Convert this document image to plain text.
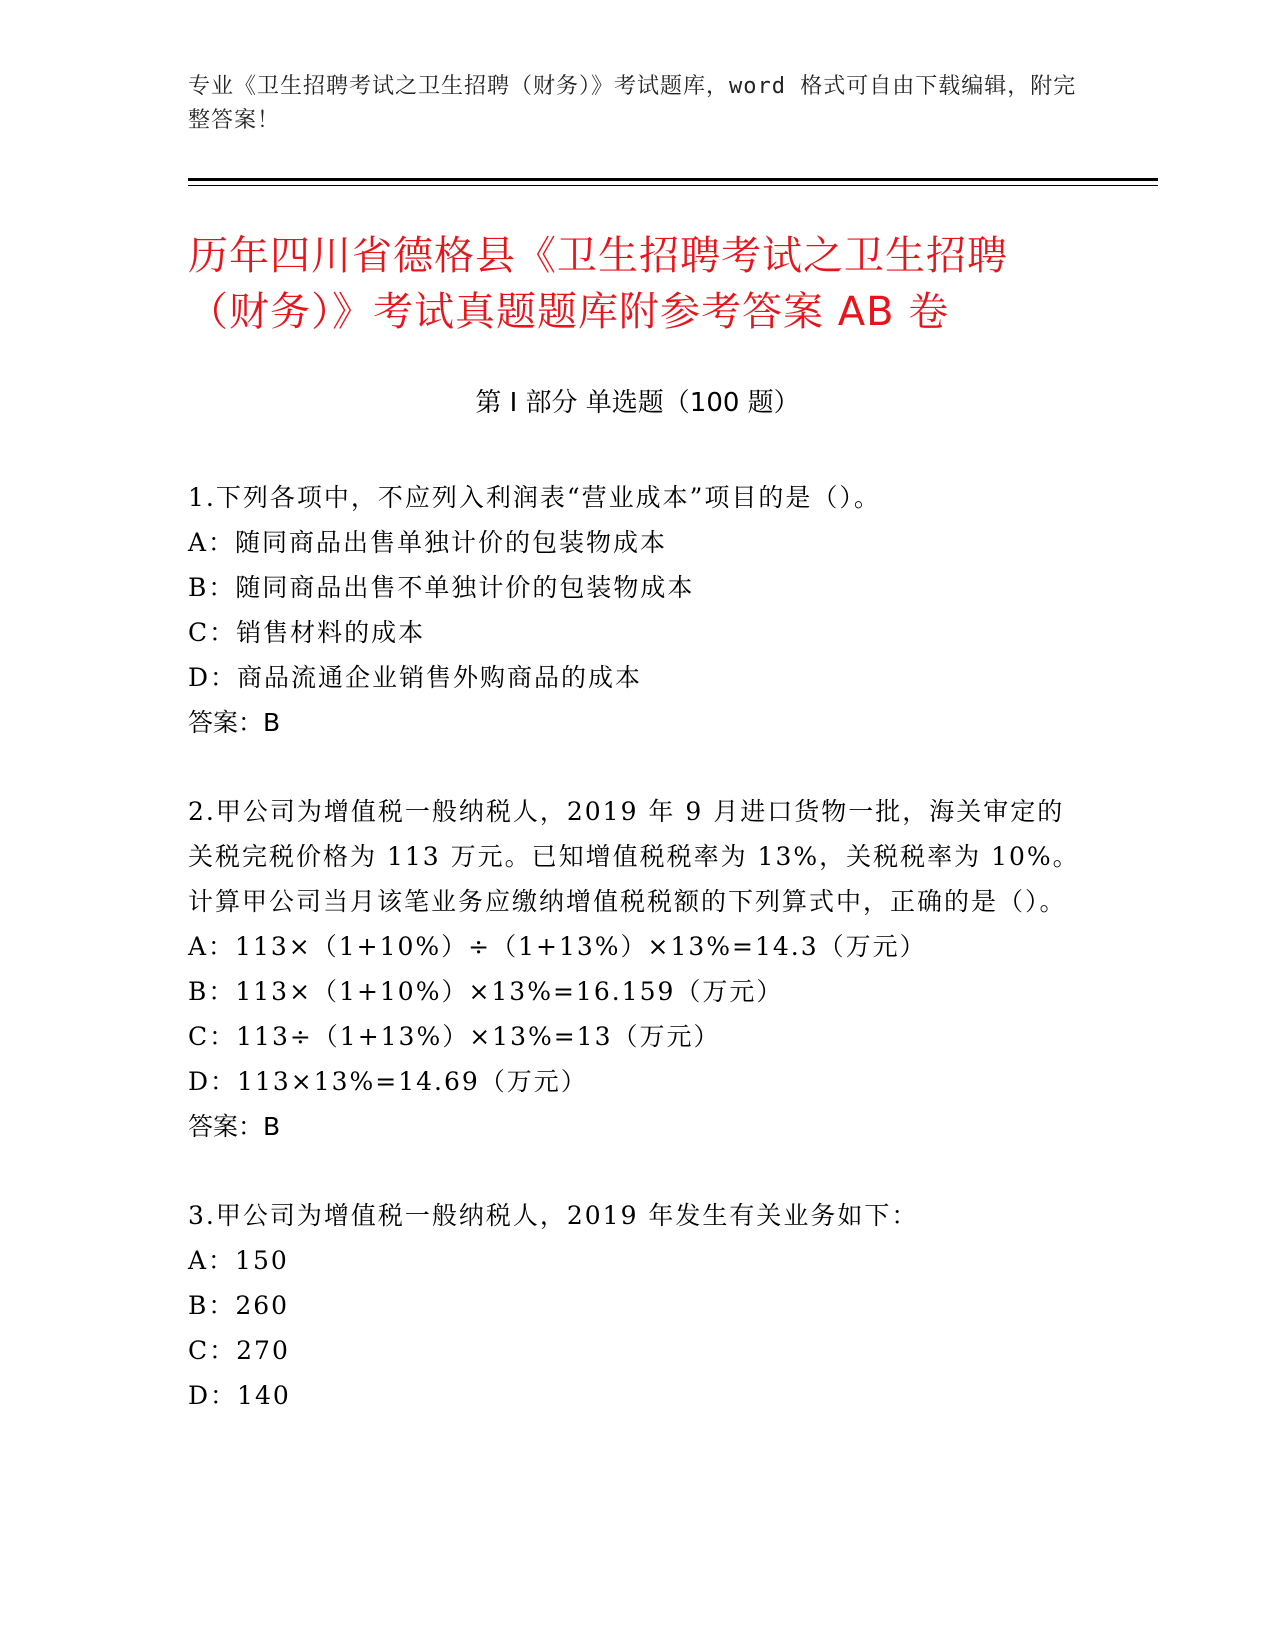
专业《卫生招聘考试之卫生招聘（财务）》考试题库，word 格式可自由下载编辑，附完整答案！
历年四川省德格县《卫生招聘考试之卫生招聘（财务）》考试真题题库附参考答案 AB 卷
第 I 部分 单选题（100 题）

1.下列各项中，不应列入利润表“营业成本”项目的是（）。

A：随同商品出售单独计价的包装物成本

B：随同商品出售不单独计价的包装物成本

C：销售材料的成本

D：商品流通企业销售外购商品的成本

答案：B

2.甲公司为增值税一般纳税人，2019 年 9 月进口货物一批，海关审定的关税完税价格为 113 万元。已知增值税税率为 13%，关税税率为 10%。计算甲公司当月该笔业务应缴纳增值税税额的下列算式中，正确的是（）。

A：113×（1+10%）÷（1+13%）×13%=14.3（万元）

B：113×（1+10%）×13%=16.159（万元）

C：113÷（1+13%）×13%=13（万元）

D：113×13%=14.69（万元）

答案：B

3.甲公司为增值税一般纳税人，2019 年发生有关业务如下：

A：150

B：260

C：270

D：140
